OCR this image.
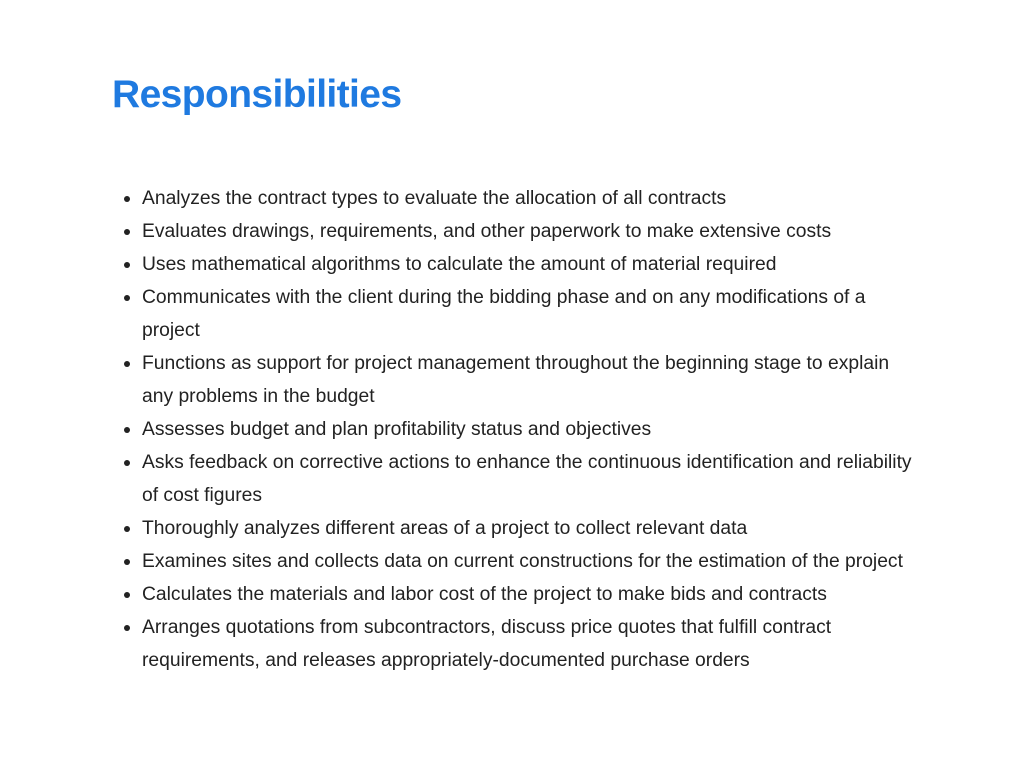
Responsibilities
Analyzes the contract types to evaluate the allocation of all contracts
Evaluates drawings, requirements, and other paperwork to make extensive costs
Uses mathematical algorithms to calculate the amount of material required
Communicates with the client during the bidding phase and on any modifications of a project
Functions as support for project management throughout the beginning stage to explain any problems in the budget
Assesses budget and plan profitability status and objectives
Asks feedback on corrective actions to enhance the continuous identification and reliability of cost figures
Thoroughly analyzes different areas of a project to collect relevant data
Examines sites and collects data on current constructions for the estimation of the project
Calculates the materials and labor cost of the project to make bids and contracts
Arranges quotations from subcontractors, discuss price quotes that fulfill contract requirements, and releases appropriately-documented purchase orders
